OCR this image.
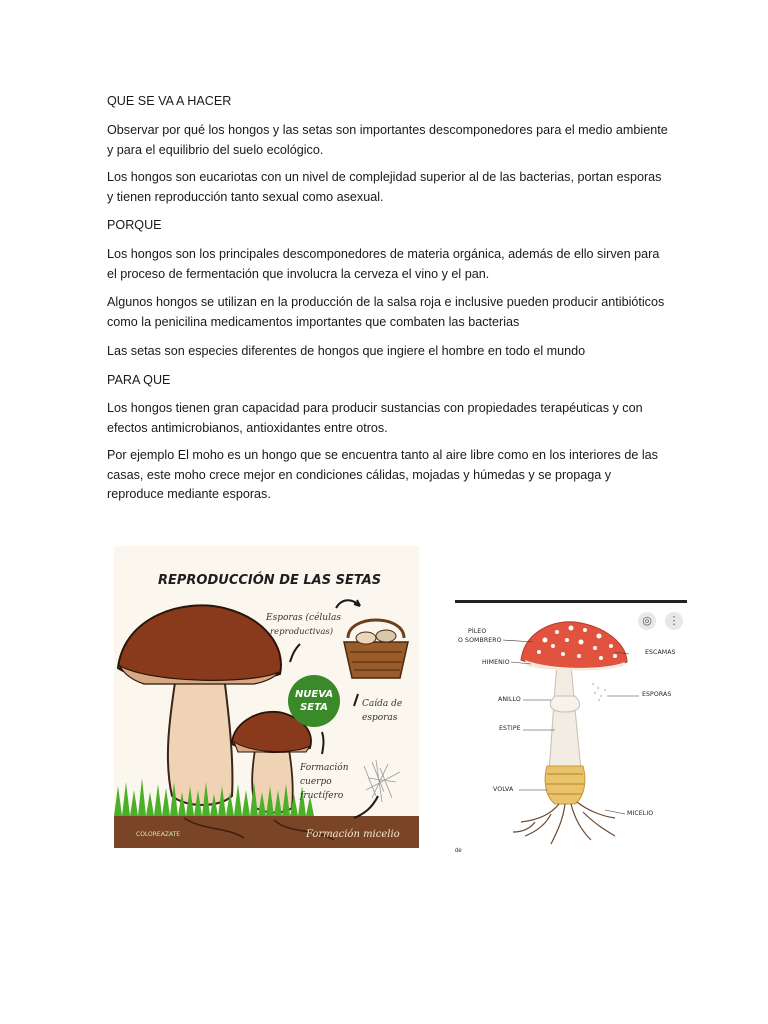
QUE SE VA A HACER

Observar por qué los hongos y las setas son importantes descomponedores para el medio ambiente y para el equilibrio del suelo ecológico.

Los hongos son eucariotas con un nivel de complejidad superior al de las bacterias, portan esporas y tienen reproducción tanto sexual como asexual.

PORQUE

Los hongos son los principales descomponedores de materia orgánica, además de ello sirven para el proceso de fermentación que involucra la cerveza el vino y el pan.

Algunos hongos se utilizan en la producción de la salsa roja e inclusive pueden producir antibióticos como la penicilina medicamentos importantes que combaten las bacterias

Las setas son especies diferentes de hongos que ingiere el hombre en todo el mundo

PARA QUE

Los hongos tienen gran capacidad para producir sustancias con propiedades terapéuticas y con efectos antimicrobianos, antioxidantes entre otros.

Por ejemplo El moho es un hongo que se encuentra tanto al aire libre como en los interiores de las casas, este moho crece mejor en condiciones cálidas, mojadas y húmedas y se propaga y reproduce mediante esporas.

REPRODUCCIÓN DE LAS SETAS
COLOREAZATE	Formación micelio
Esporas (células
reproductivas)
NUEVA
SETA	Caída de
esporas
Formación
cuerpo
fructífero
◎	⋮
PÍLEO
O SOMBRERO
HIMENIO
ANILLO
ESTIPE
VOLVA
ESCAMAS
ESPORAS
MICELIO
de
